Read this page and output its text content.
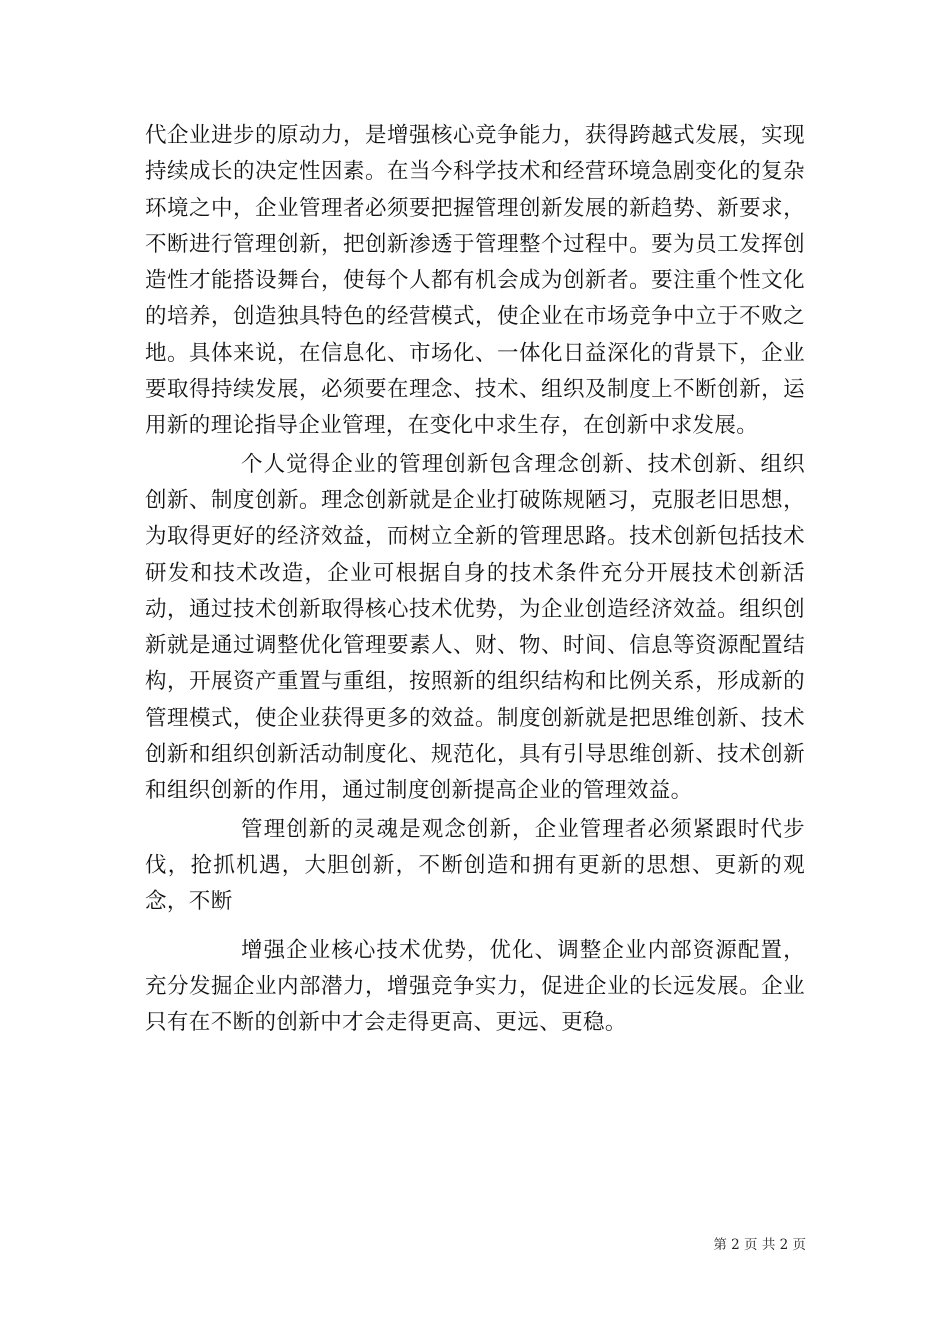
代企业进步的原动力，是增强核心竞争能力，获得跨越式发展，实现持续成长的决定性因素。在当今科学技术和经营环境急剧变化的复杂环境之中，企业管理者必须要把握管理创新发展的新趋势、新要求，不断进行管理创新，把创新渗透于管理整个过程中。要为员工发挥创造性才能搭设舞台，使每个人都有机会成为创新者。要注重个性文化的培养，创造独具特色的经营模式，使企业在市场竞争中立于不败之地。具体来说，在信息化、市场化、一体化日益深化的背景下，企业要取得持续发展，必须要在理念、技术、组织及制度上不断创新，运用新的理论指导企业管理，在变化中求生存，在创新中求发展。

个人觉得企业的管理创新包含理念创新、技术创新、组织创新、制度创新。理念创新就是企业打破陈规陋习，克服老旧思想，为取得更好的经济效益，而树立全新的管理思路。技术创新包括技术研发和技术改造，企业可根据自身的技术条件充分开展技术创新活动，通过技术创新取得核心技术优势，为企业创造经济效益。组织创新就是通过调整优化管理要素人、财、物、时间、信息等资源配置结构，开展资产重置与重组，按照新的组织结构和比例关系，形成新的管理模式，使企业获得更多的效益。制度创新就是把思维创新、技术创新和组织创新活动制度化、规范化，具有引导思维创新、技术创新和组织创新的作用，通过制度创新提高企业的管理效益。

管理创新的灵魂是观念创新，企业管理者必须紧跟时代步伐，抢抓机遇，大胆创新，不断创造和拥有更新的思想、更新的观念，不断

增强企业核心技术优势，优化、调整企业内部资源配置，充分发掘企业内部潜力，增强竞争实力，促进企业的长远发展。企业只有在不断的创新中才会走得更高、更远、更稳。

第 2 页 共 2 页
